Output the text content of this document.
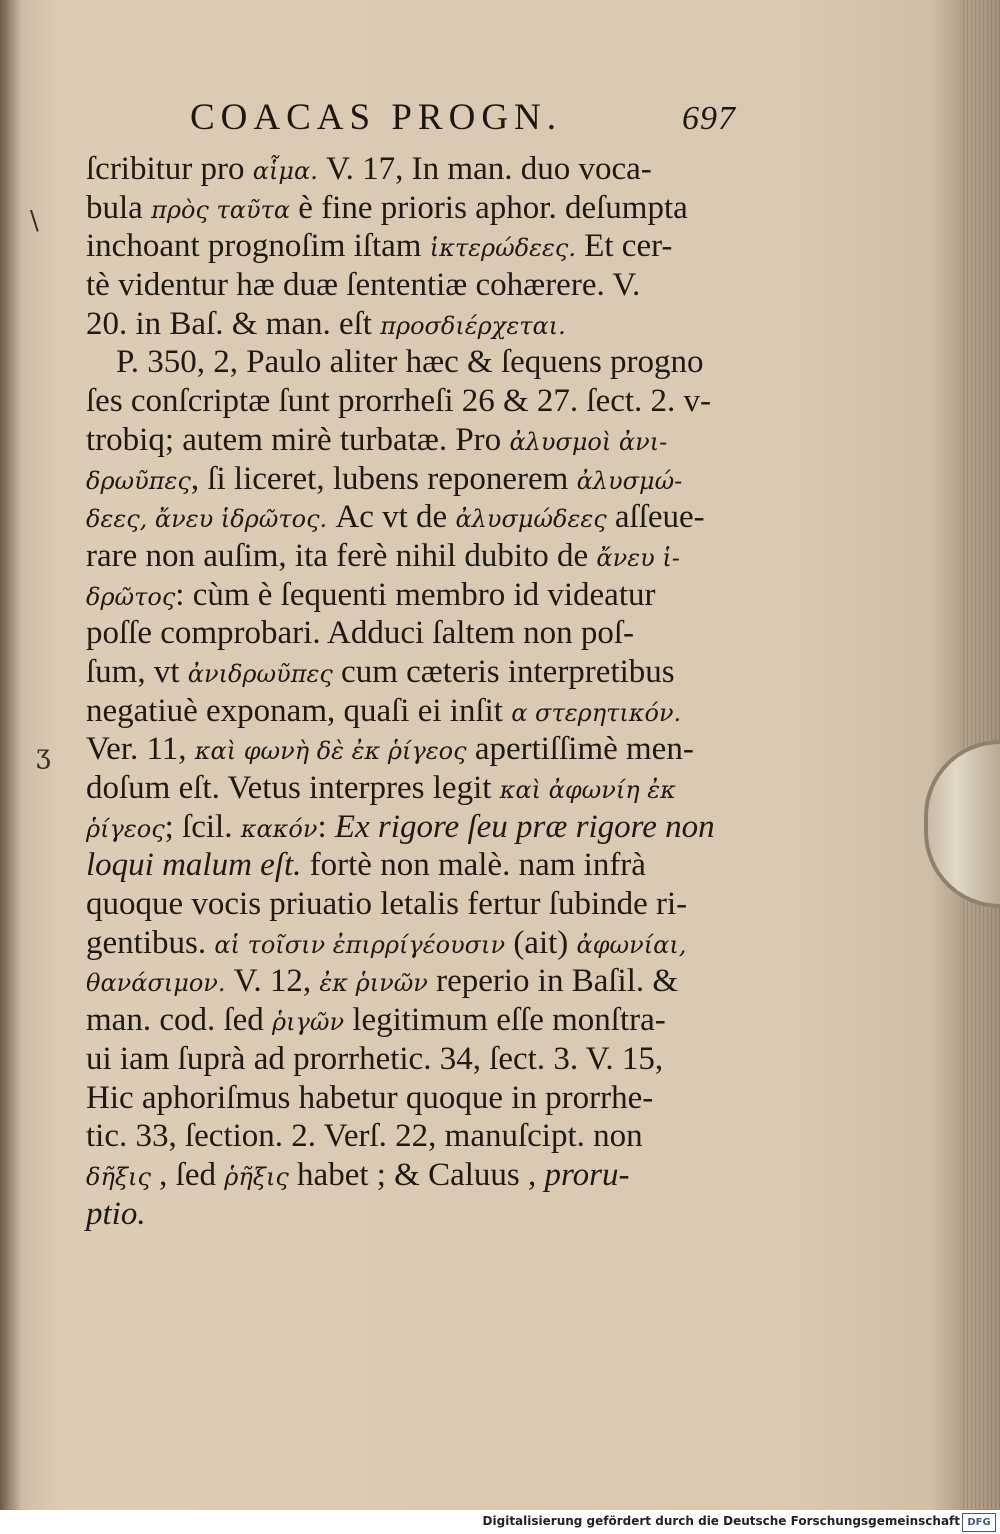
COACAS PROGN.	697
\
ʒ
ſcribitur pro αἷμα. V. 17, In man. duo voca-
bula πρὸς ταῦτα è fine prioris aphor. deſumpta
inchoant prognoſim iſtam ἱκτερώδεες. Et cer-
tè videntur hæ duæ ſententiæ cohærere. V.
20. in Baſ. & man. eſt προσδιέρχεται.
P. 350, 2, Paulo aliter hæc & ſequens progno
ſes conſcriptæ ſunt prorrheſi 26 & 27. ſect. 2. v-
trobiq; autem mirè turbatæ. Pro ἀλυσμοὶ ἀνι-
δρωῦπες, ſi liceret, lubens reponerem ἀλυσμώ-
δεες, ἄνευ ἱδρῶτος. Ac vt de ἀλυσμώδεες aſſeue-
rare non auſim, ita ferè nihil dubito de ἄνευ ἱ-
δρῶτος: cùm è ſequenti membro id videatur
poſſe comprobari. Adduci ſaltem non poſ-
ſum, vt ἀνιδρωῦπες cum cæteris interpretibus
negatiuè exponam, quaſi ei inſit α στερητικόν.
Ver. 11, καὶ φωνὴ δὲ ἐκ ῥίγεος apertiſſimè men-
doſum eſt. Vetus interpres legit καὶ ἀφωνίη ἐκ
ῥίγεος; ſcil. κακόν: Ex rigore ſeu præ rigore non
loqui malum eſt. fortè non malè. nam infrà
quoque vocis priuatio letalis fertur ſubinde ri-
gentibus. αἱ τοῖσιν ἐπιρρίγέουσιν (ait) ἀφωνίαι,
θανάσιμον. V. 12, ἐκ ῥινῶν reperio in Baſil. &
man. cod. ſed ῥιγῶν legitimum eſſe monſtra-
ui iam ſuprà ad prorrhetic. 34, ſect. 3. V. 15,
Hic aphoriſmus habetur quoque in prorrhe-
tic. 33, ſection. 2. Verſ. 22, manuſcipt. non
δῆξις , ſed ῥῆξις habet ; & Caluus , proru-
ptio.
Digitalisierung gefördert durch die Deutsche Forschungsgemeinschaft DFG
